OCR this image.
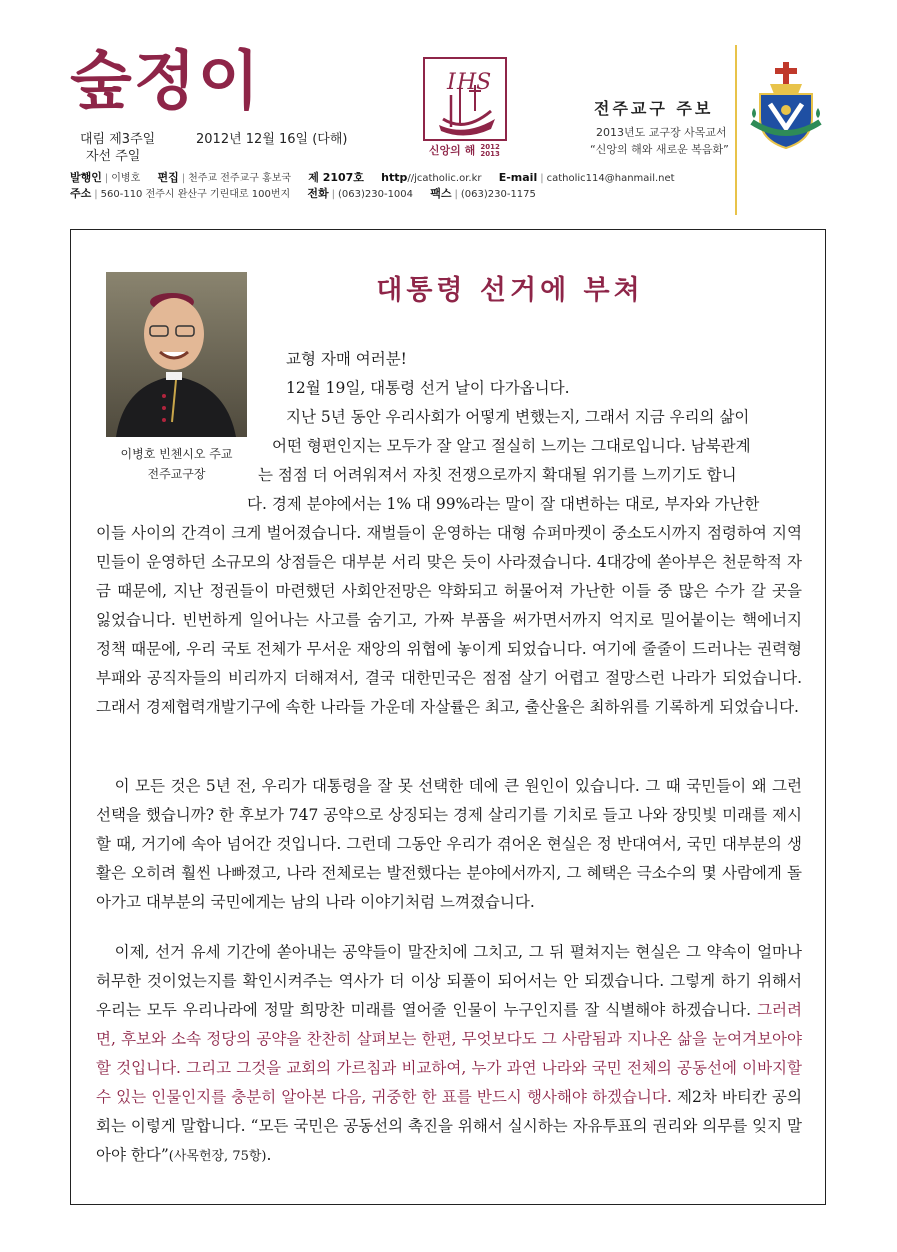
숲정이
대림 제3주일	2012년 12월 16일 (다해)
자선 주일
I HS
신앙의 해 2012 2013
전주교구 주보
2013년도 교구장 사목교서
“신앙의 해와 새로운 복음화”
발행인 | 이병호 편집 | 천주교 전주교구 홍보국 제 2107호 http//jcatholic.or.kr E-mail | catholic114@hanmail.net
주소 | 560-110 전주시 완산구 기린대로 100번지 전화 | (063)230-1004 팩스 | (063)230-1175
이병호 빈첸시오 주교
전주교구장
대통령 선거에 부쳐
교형 자매 여러분!
12월 19일, 대통령 선거 날이 다가옵니다.
지난 5년 동안 우리사회가 어떻게 변했는지, 그래서 지금 우리의 삶이
어떤 형편인지는 모두가 잘 알고 절실히 느끼는 그대로입니다. 남북관계
는 점점 더 어려워져서 자칫 전쟁으로까지 확대될 위기를 느끼기도 합니
다. 경제 분야에서는 1% 대 99%라는 말이 잘 대변하는 대로, 부자와 가난한

이들 사이의 간격이 크게 벌어졌습니다. 재벌들이 운영하는 대형 슈퍼마켓이 중소도시까지 점령하여 지역민들이 운영하던 소규모의 상점들은 대부분 서리 맞은 듯이 사라졌습니다. 4대강에 쏟아부은 천문학적 자금 때문에, 지난 정권들이 마련했던 사회안전망은 약화되고 허물어져 가난한 이들 중 많은 수가 갈 곳을 잃었습니다. 빈번하게 일어나는 사고를 숨기고, 가짜 부품을 써가면서까지 억지로 밀어붙이는 핵에너지 정책 때문에, 우리 국토 전체가 무서운 재앙의 위협에 놓이게 되었습니다. 여기에 줄줄이 드러나는 권력형 부패와 공직자들의 비리까지 더해져서, 결국 대한민국은 점점 살기 어렵고 절망스런 나라가 되었습니다. 그래서 경제협력개발기구에 속한 나라들 가운데 자살률은 최고, 출산율은 최하위를 기록하게 되었습니다.

이 모든 것은 5년 전, 우리가 대통령을 잘 못 선택한 데에 큰 원인이 있습니다. 그 때 국민들이 왜 그런 선택을 했습니까? 한 후보가 747 공약으로 상징되는 경제 살리기를 기치로 들고 나와 장밋빛 미래를 제시할 때, 거기에 속아 넘어간 것입니다. 그런데 그동안 우리가 겪어온 현실은 정 반대여서, 국민 대부분의 생활은 오히려 훨씬 나빠졌고, 나라 전체로는 발전했다는 분야에서까지, 그 혜택은 극소수의 몇 사람에게 돌아가고 대부분의 국민에게는 남의 나라 이야기처럼 느껴졌습니다.

이제, 선거 유세 기간에 쏟아내는 공약들이 말잔치에 그치고, 그 뒤 펼쳐지는 현실은 그 약속이 얼마나 허무한 것이었는지를 확인시켜주는 역사가 더 이상 되풀이 되어서는 안 되겠습니다. 그렇게 하기 위해서 우리는 모두 우리나라에 정말 희망찬 미래를 열어줄 인물이 누구인지를 잘 식별해야 하겠습니다. 그러려면, 후보와 소속 정당의 공약을 찬찬히 살펴보는 한편, 무엇보다도 그 사람됨과 지나온 삶을 눈여겨보아야 할 것입니다. 그리고 그것을 교회의 가르침과 비교하여, 누가 과연 나라와 국민 전체의 공동선에 이바지할 수 있는 인물인지를 충분히 알아본 다음, 귀중한 한 표를 반드시 행사해야 하겠습니다. 제2차 바티칸 공의회는 이렇게 말합니다. “모든 국민은 공동선의 촉진을 위해서 실시하는 자유투표의 권리와 의무를 잊지 말아야 한다”(사목헌장, 75항).
